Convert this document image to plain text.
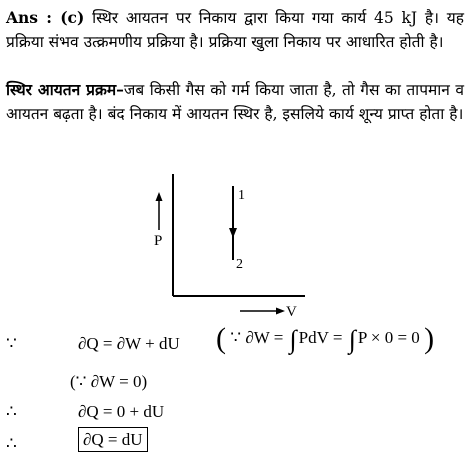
Ans : (c) स्थिर आयतन पर निकाय द्वारा किया गया कार्य 45 kJ है। यह प्रक्रिया संभव उत्क्रमणीय प्रक्रिया है। प्रक्रिया खुला निकाय पर आधारित होती है।
स्थिर आयतन प्रक्रम–जब किसी गैस को गर्म किया जाता है, तो गैस का तापमान व आयतन बढ़ता है। बंद निकाय में आयतन स्थिर है, इसलिये कार्य शून्य प्राप्त होता है।
P
1
2
V
∵	∂Q = ∂W + dU ( ∵ ∂W = ∫ PdV = ∫ P × 0 = 0 )
(∵ ∂W = 0)
∴	∂Q = 0 + dU
∴	∂Q = dU
